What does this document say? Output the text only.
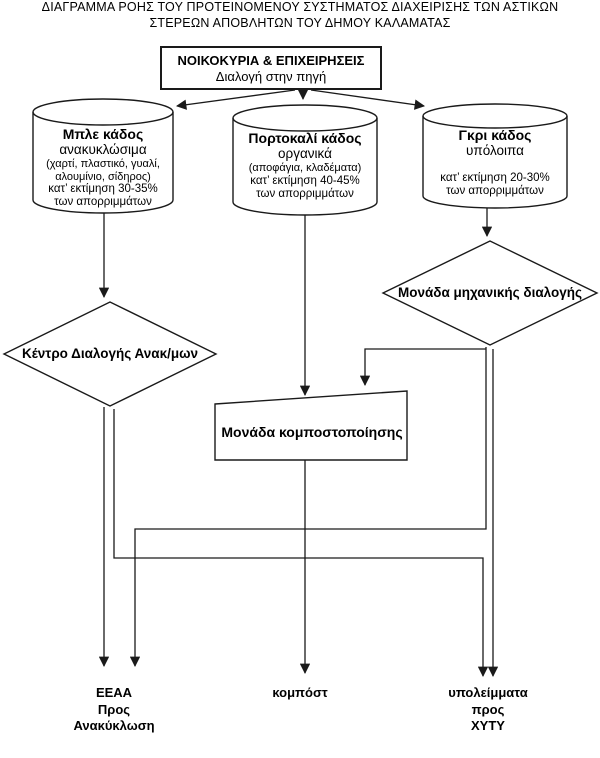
ΔΙΑΓΡΑΜΜΑ ΡΟΗΣ ΤΟΥ ΠΡΟΤΕΙΝΟΜΕΝΟΥ ΣΥΣΤΗΜΑΤΟΣ ΔΙΑΧΕΙΡΙΣΗΣ ΤΩΝ ΑΣΤΙΚΩΝ
ΣΤΕΡΕΩΝ ΑΠΟΒΛΗΤΩΝ ΤΟΥ ΔΗΜΟΥ ΚΑΛΑΜΑΤΑΣ
ΝΟΙΚΟΚΥΡΙΑ & ΕΠΙΧΕΙΡΗΣΕΙΣ
Διαλογή στην πηγή
Μπλε κάδος
ανακυκλώσιμα
(χαρτί, πλαστικό, γυαλί,
αλουμίνιο, σίδηρος)
κατ’ εκτίμηση 30-35%
των απορριμμάτων
Πορτοκαλί κάδος
οργανικά
(αποφάγια, κλαδέματα)
κατ’ εκτίμηση 40-45%
των απορριμμάτων
Γκρι κάδος
υπόλοιπα
κατ’ εκτίμηση 20-30%
των απορριμμάτων
Κέντρο Διαλογής Ανακ/μων
Μονάδα μηχανικής διαλογής
Μονάδα κομποστοποίησης
ΕΕΑΑ
Προς
Ανακύκλωση
κομπόστ	υπολείμματα
προς
ΧΥΤΥ
